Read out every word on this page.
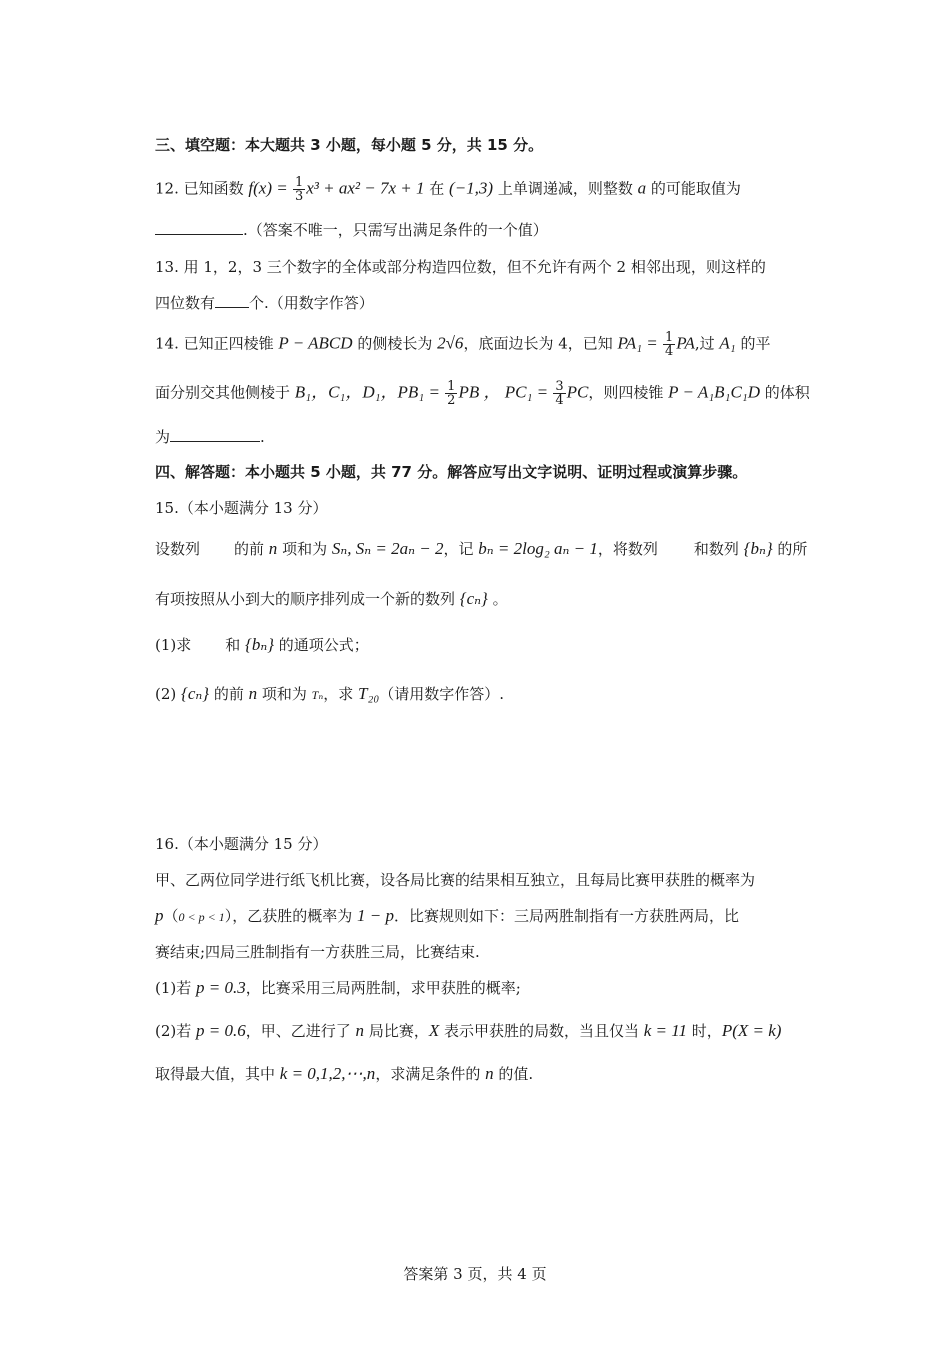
三、填空题：本大题共 3 小题，每小题 5 分，共 15 分。
12. 已知函数 $f(x) = \frac{1}{3} x^3 + ax^2 - 7x + 1$ 在 (−1,3) 上单调递减，则整数 a 的可能取值为
.（答案不唯一，只需写出满足条件的一个值）
13. 用 1，2，3 三个数字的全体或部分构造四位数，但不允许有两个 2 相邻出现，则这样的
四位数有 个.（用数字作答）
14. 已知正四棱锥 P − ABCD 的侧棱长为 2√6，底面边长为 4，已知 $PA_1 = \frac{1}{4}$ PA,过 A₁ 的平
面分别交其他侧棱于 B₁，C₁，D₁，$PB_1 = \frac{1}{2}$ PB ， $PC_1 = \frac{3}{4}$ PC，则四棱锥 P − A₁B₁C₁D 的体积
为	.
四、解答题：本小题共 5 小题，共 77 分。解答应写出文字说明、证明过程或演算步骤。
15.（本小题满分 13 分）
设数列 的前 n 项和为 Sₙ, Sₙ = 2aₙ − 2，记 bₙ = 2log₂ aₙ − 1，将数列 和数列 {bₙ} 的所
有项按照从小到大的顺序排列成一个新的数列 {cₙ} 。
(1)求 和 {bₙ} 的通项公式；
(2) {cₙ} 的前 n 项和为 Tₙ，求 T₂₀（请用数字作答）.
16.（本小题满分 15 分）
甲、乙两位同学进行纸飞机比赛，设各局比赛的结果相互独立，且每局比赛甲获胜的概率为
p（0 < p < 1），乙获胜的概率为 1 − p．比赛规则如下：三局两胜制指有一方获胜两局，比
赛结束;四局三胜制指有一方获胜三局，比赛结束.
(1)若 p = 0.3，比赛采用三局两胜制，求甲获胜的概率;
(2)若 p = 0.6，甲、乙进行了 n 局比赛，X 表示甲获胜的局数，当且仅当 k = 11 时，P(X = k)
取得最大值，其中 k = 0,1,2,⋯,n，求满足条件的 n 的值.
答案第 3 页，共 4 页
